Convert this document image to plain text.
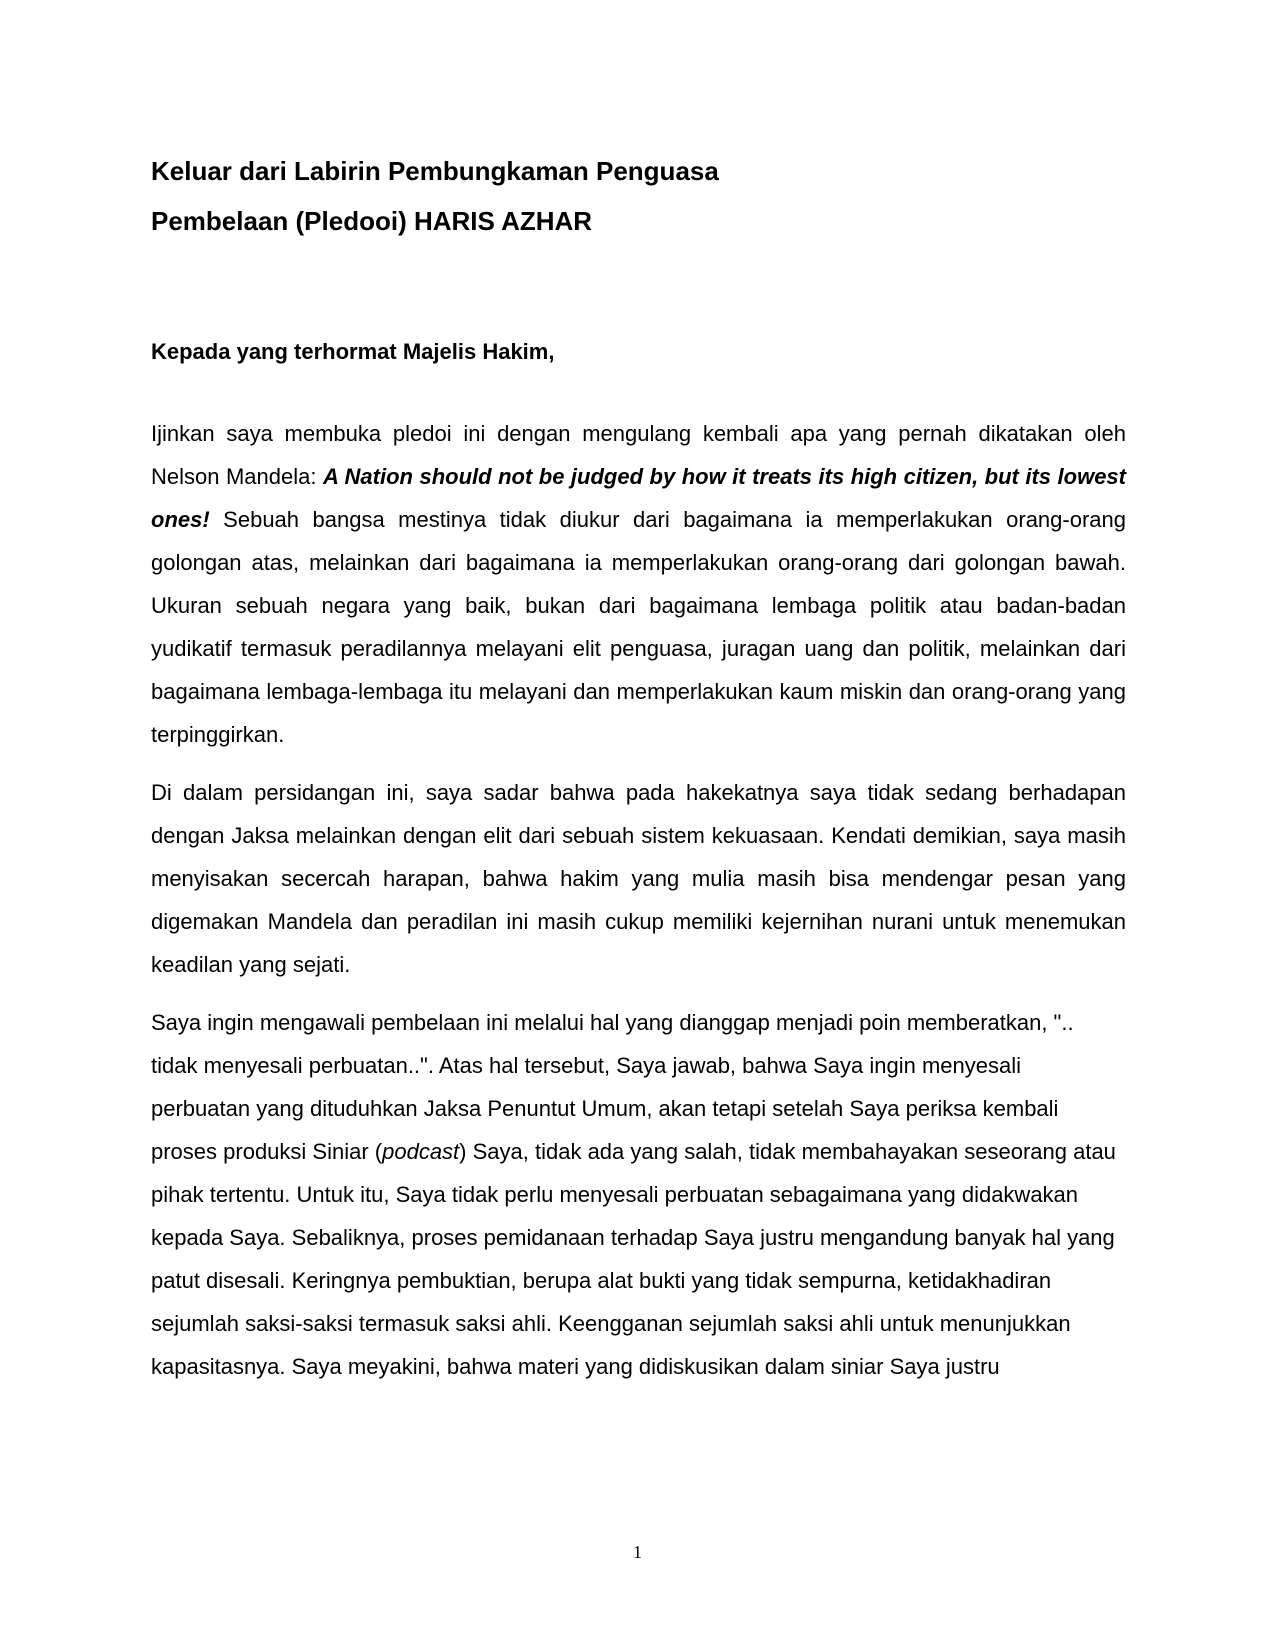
Keluar dari Labirin Pembungkaman Penguasa
Pembelaan (Pledooi) HARIS AZHAR

Kepada yang terhormat Majelis Hakim,

Ijinkan saya membuka pledoi ini dengan mengulang kembali apa yang pernah dikatakan oleh Nelson Mandela: A Nation should not be judged by how it treats its high citizen, but its lowest ones! Sebuah bangsa mestinya tidak diukur dari bagaimana ia memperlakukan orang-orang golongan atas, melainkan dari bagaimana ia memperlakukan orang-orang dari golongan bawah. Ukuran sebuah negara yang baik, bukan dari bagaimana lembaga politik atau badan-badan yudikatif termasuk peradilannya melayani elit penguasa, juragan uang dan politik, melainkan dari bagaimana lembaga-lembaga itu melayani dan memperlakukan kaum miskin dan orang-orang yang terpinggirkan.

Di dalam persidangan ini, saya sadar bahwa pada hakekatnya saya tidak sedang berhadapan dengan Jaksa melainkan dengan elit dari sebuah sistem kekuasaan. Kendati demikian, saya masih menyisakan secercah harapan, bahwa hakim yang mulia masih bisa mendengar pesan yang digemakan Mandela dan peradilan ini masih cukup memiliki kejernihan nurani untuk menemukan keadilan yang sejati.

Saya ingin mengawali pembelaan ini melalui hal yang dianggap menjadi poin memberatkan, ".. tidak menyesali perbuatan..". Atas hal tersebut, Saya jawab, bahwa Saya ingin menyesali perbuatan yang dituduhkan Jaksa Penuntut Umum, akan tetapi setelah Saya periksa kembali proses produksi Siniar (podcast) Saya, tidak ada yang salah, tidak membahayakan seseorang atau pihak tertentu. Untuk itu, Saya tidak perlu menyesali perbuatan sebagaimana yang didakwakan kepada Saya. Sebaliknya, proses pemidanaan terhadap Saya justru mengandung banyak hal yang patut disesali. Keringnya pembuktian, berupa alat bukti yang tidak sempurna, ketidakhadiran sejumlah saksi-saksi termasuk saksi ahli. Keengganan sejumlah saksi ahli untuk menunjukkan kapasitasnya. Saya meyakini, bahwa materi yang didiskusikan dalam siniar Saya justru

1
